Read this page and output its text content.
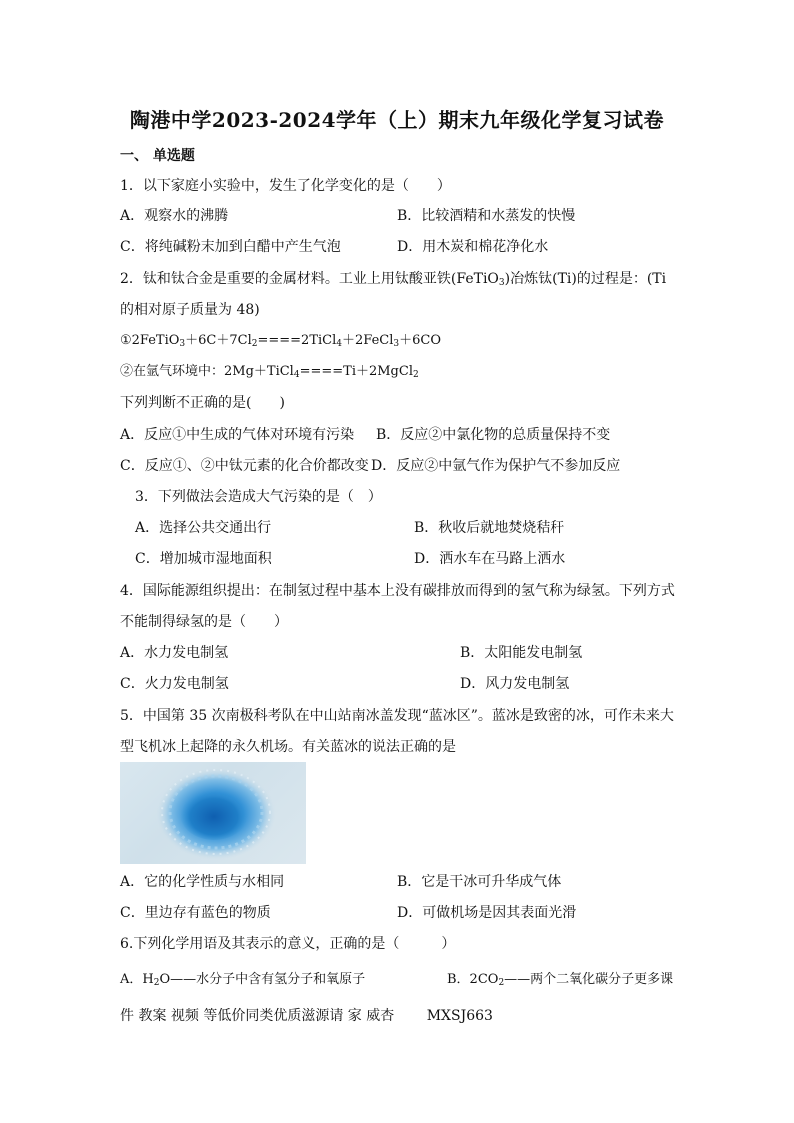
陶港中学2023-2024学年（上）期末九年级化学复习试卷
一、 单选题
1．以下家庭小实验中，发生了化学变化的是（　　）
A．观察水的沸腾	B．比较酒精和水蒸发的快慢
C．将纯碱粉末加到白醋中产生气泡	D．用木炭和棉花净化水
2．钛和钛合金是重要的金属材料。工业上用钛酸亚铁(FeTiO$_3$)冶炼钛(Ti)的过程是：(Ti
的相对原子质量为 48)
$①2FeTiO_3+6C+7Cl_2====2TiCl_4+2FeCl_3+6CO$
②在氩气环境中：2Mg＋TiCl$_4$====Ti＋2MgCl$_2$
下列判断不正确的是(　　)
A．反应①中生成的气体对环境有污染 B．反应②中氯化物的总质量保持不变
C．反应①、②中钛元素的化合价都改变 D．反应②中氩气作为保护气不参加反应
3．下列做法会造成大气污染的是（　）
A．选择公共交通出行	B．秋收后就地焚烧秸秆
C．增加城市湿地面积	D．洒水车在马路上洒水
4．国际能源组织提出：在制氢过程中基本上没有碳排放而得到的氢气称为绿氢。下列方式
不能制得绿氢的是（　　）
A．水力发电制氢	B．太阳能发电制氢
C．火力发电制氢	D．风力发电制氢
5．中国第 35 次南极科考队在中山站南冰盖发现“蓝冰区”。蓝冰是致密的冰，可作未来大
型飞机冰上起降的永久机场。有关蓝冰的说法正确的是
A．它的化学性质与水相同	B．它是干冰可升华成气体
C．里边存有蓝色的物质	D．可做机场是因其表面光滑
6.下列化学用语及其表示的意义，正确的是（　　　）
A．$H_2O——$水分子中含有氢分子和氧原子	B．$2CO_2——$两个二氧化碳分子更多课
件 教案 视频 等低价同类优质滋源请 家 威杏　　 MXSJ663
